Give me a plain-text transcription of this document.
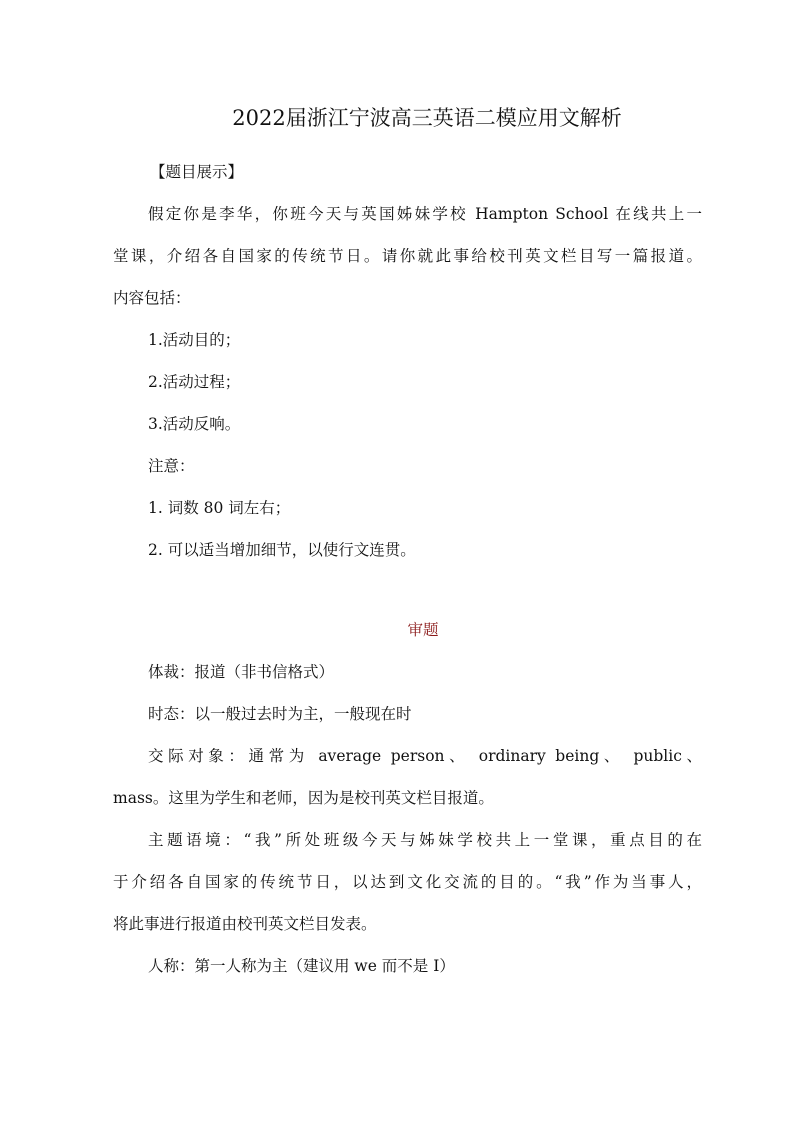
2022届浙江宁波高三英语二模应用文解析
【题目展示】
假定你是李华，你班今天与英国姊妹学校 Hampton School 在线共上一
堂课，介绍各自国家的传统节日。请你就此事给校刊英文栏目写一篇报道。
内容包括：
1.活动目的；
2.活动过程；
3.活动反响。
注意：
1. 词数 80 词左右；
2. 可以适当增加细节，以使行文连贯。
审题
体裁：报道（非书信格式）
时态：以一般过去时为主，一般现在时
交际对象：通常为 average person、 ordinary being、 public、
mass。这里为学生和老师，因为是校刊英文栏目报道。
主题语境：“我”所处班级今天与姊妹学校共上一堂课，重点目的在
于介绍各自国家的传统节日，以达到文化交流的目的。“我”作为当事人，
将此事进行报道由校刊英文栏目发表。
人称：第一人称为主（建议用 we 而不是 I）
